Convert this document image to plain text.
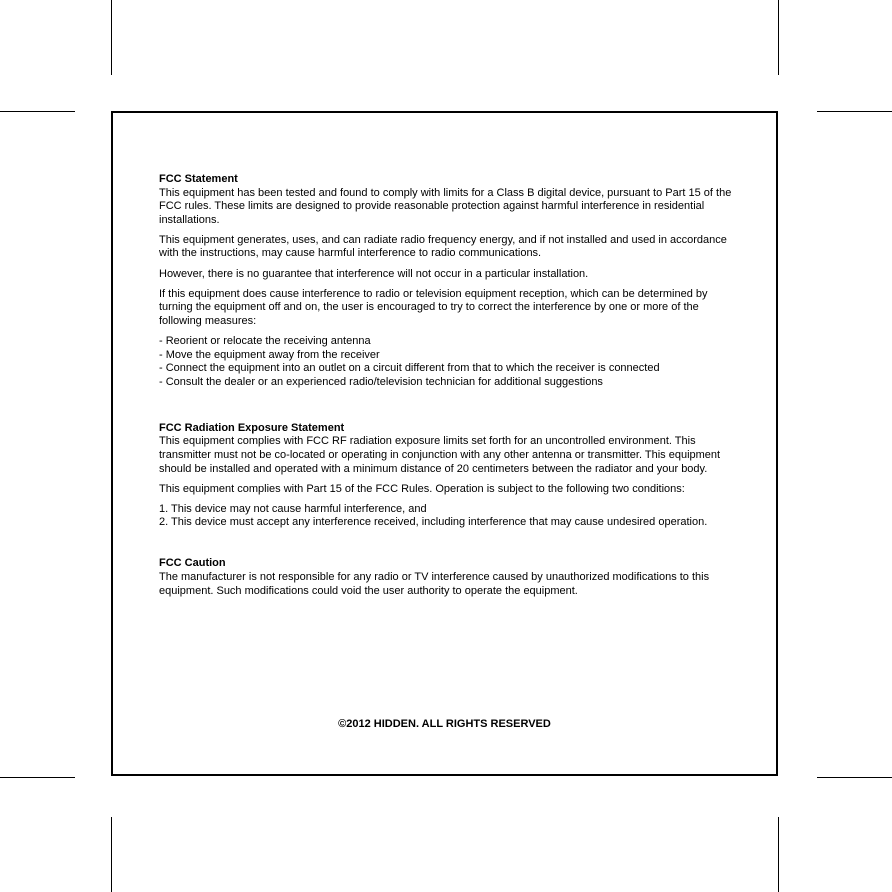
FCC Statement

This equipment has been tested and found to comply with limits for a Class B digital device, pursuant to Part 15 of the FCC rules. These limits are designed to provide reasonable protection against harmful interference in residential installations.

This equipment generates, uses, and can radiate radio frequency energy, and if not installed and used in accordance with the instructions, may cause harmful interference to radio communications.

However, there is no guarantee that interference will not occur in a particular installation.

If this equipment does cause interference to radio or television equipment reception, which can be determined by turning the equipment off and on, the user is encouraged to try to correct the interference by one or more of the following measures:

- Reorient or relocate the receiving antenna
- Move the equipment away from the receiver
- Connect the equipment into an outlet on a circuit different from that to which the receiver is connected
- Consult the dealer or an experienced radio/television technician for additional suggestions

FCC Radiation Exposure Statement

This equipment complies with FCC RF radiation exposure limits set forth for an uncontrolled environment. This transmitter must not be co-located or operating in conjunction with any other antenna or transmitter. This equipment should be installed and operated with a minimum distance of 20 centimeters between the radiator and your body.

This equipment complies with Part 15 of the FCC Rules. Operation is subject to the following two conditions:

1. This device may not cause harmful interference, and
2. This device must accept any interference received, including interference that may cause undesired operation.

FCC Caution

The manufacturer is not responsible for any radio or TV interference caused by unauthorized modifications to this equipment. Such modifications could void the user authority to operate the equipment.

©2012 HIDDEN. ALL RIGHTS RESERVED
